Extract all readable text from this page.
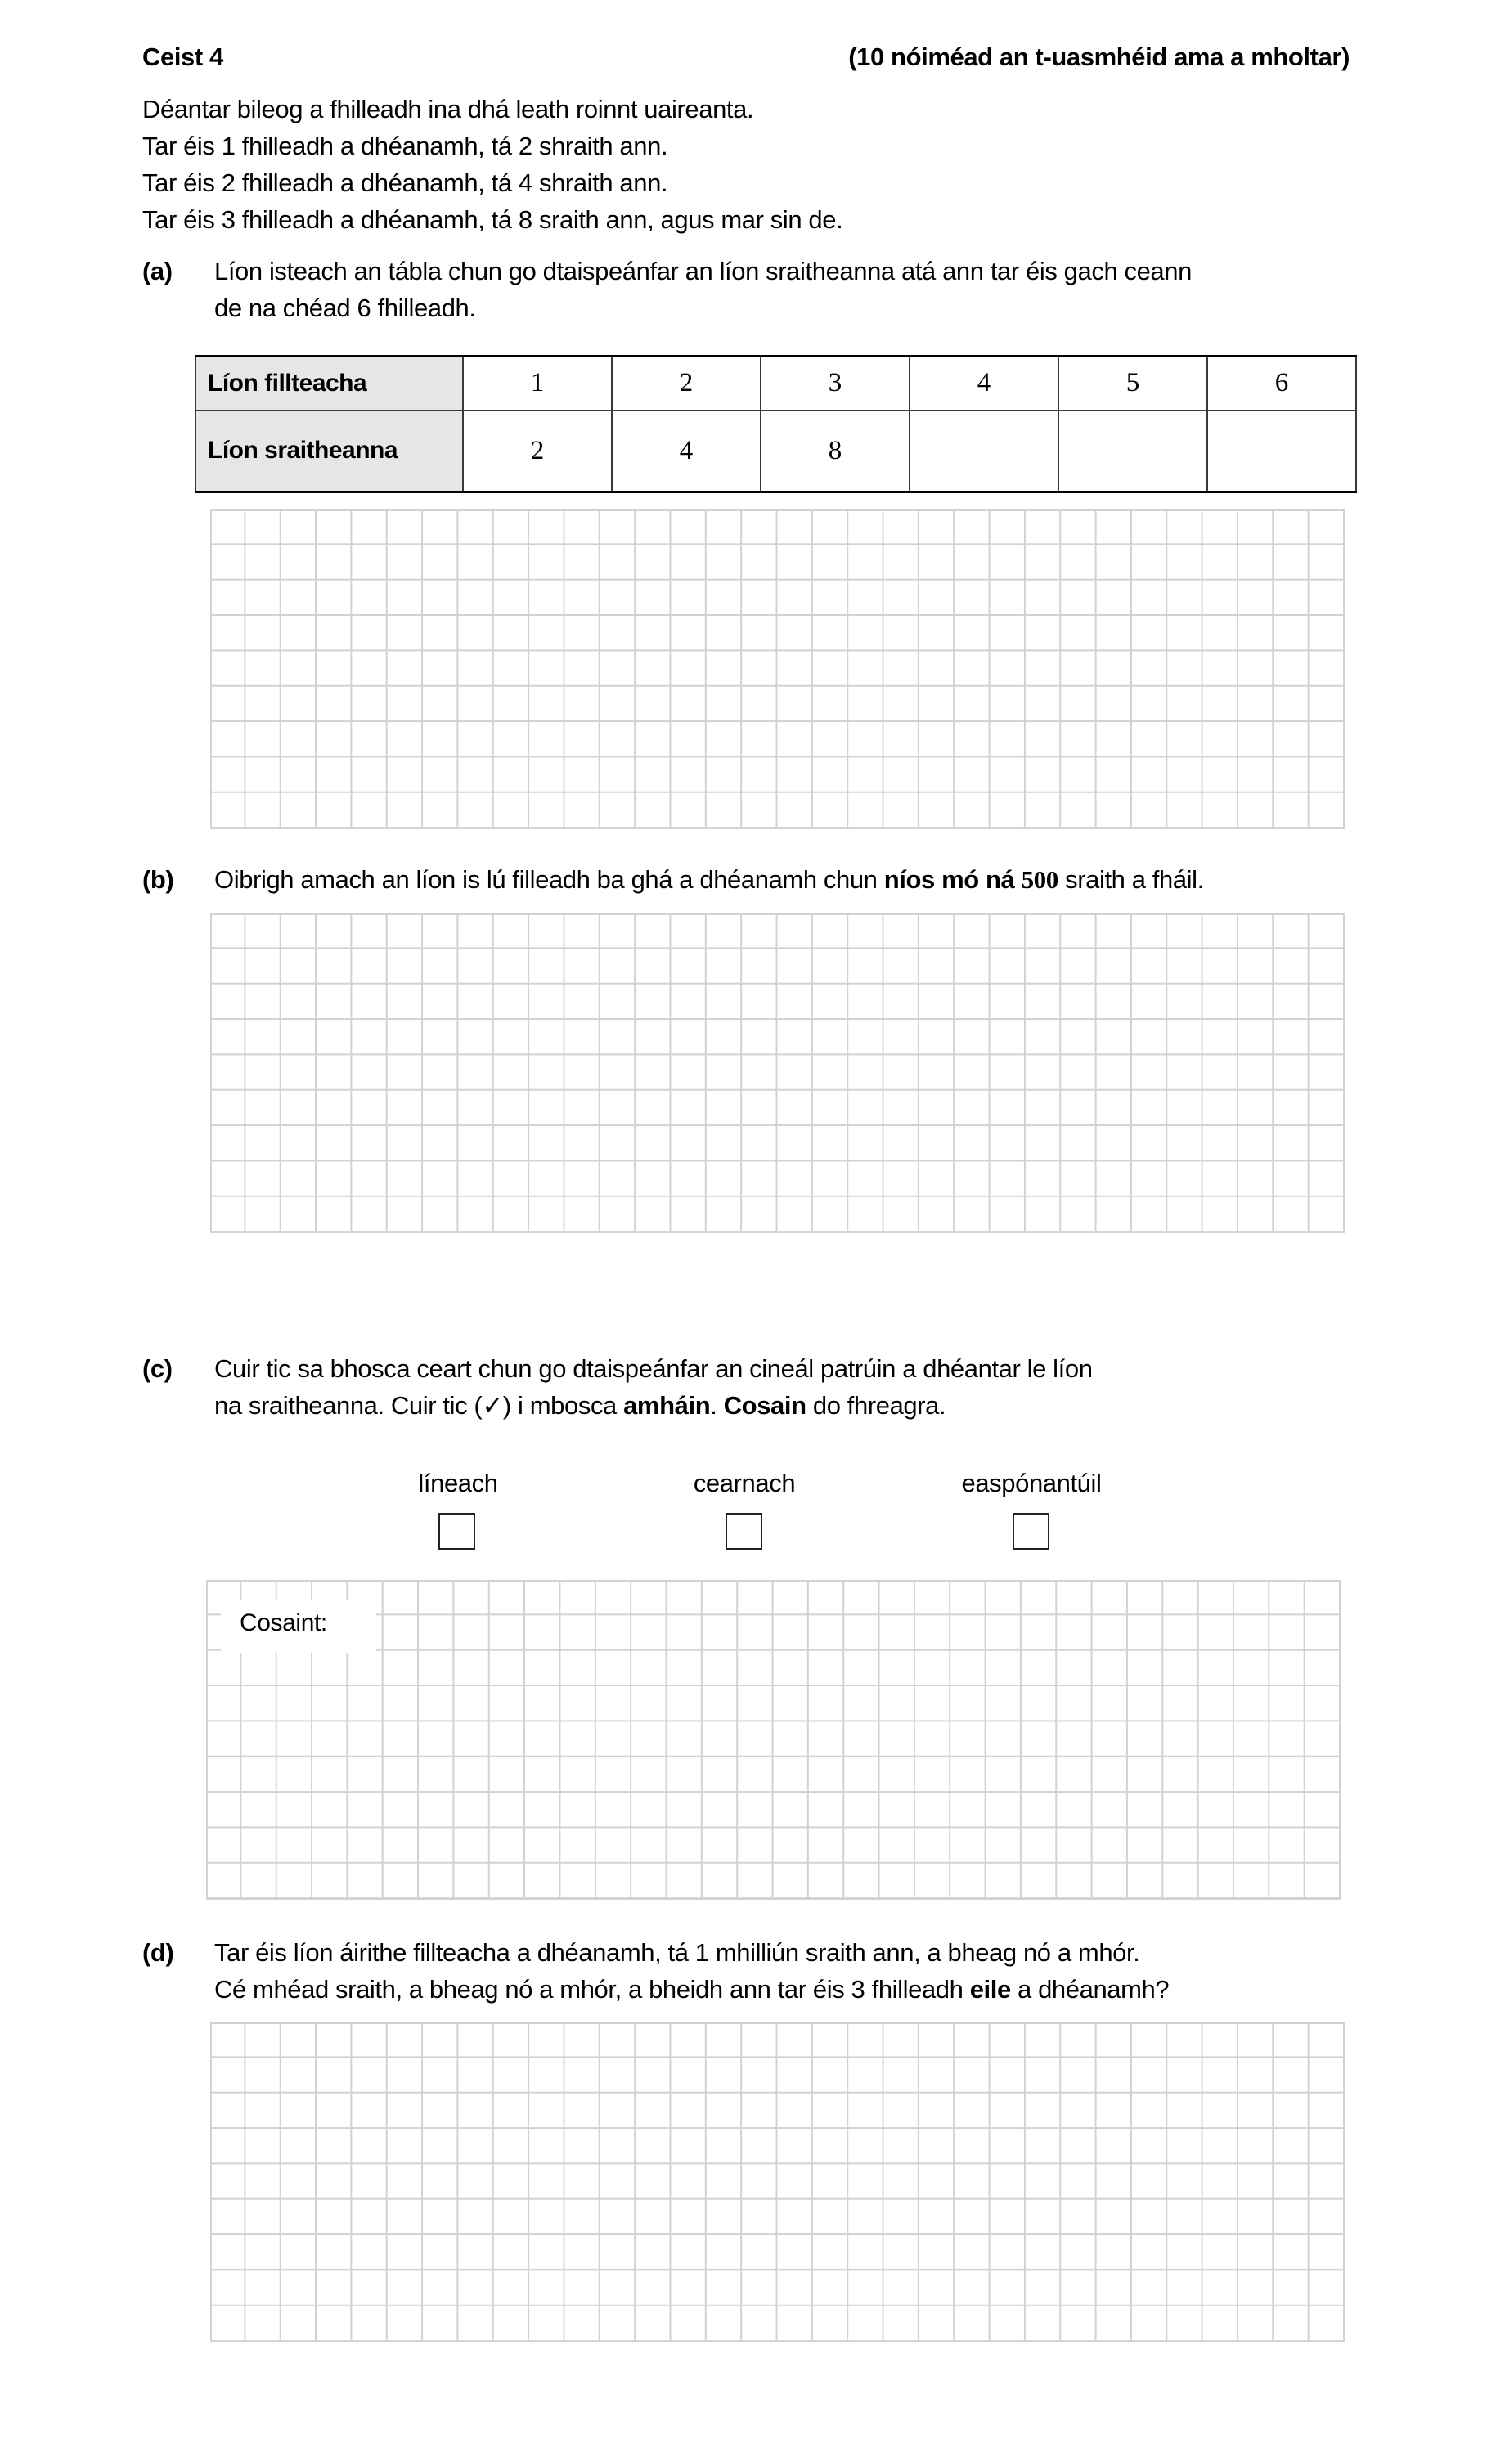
Ceist 4	(10 nóiméad an t-uasmhéid ama a mholtar)
Déantar bileog a fhilleadh ina dhá leath roinnt uaireanta.
Tar éis 1 fhilleadh a dhéanamh, tá 2 shraith ann.
Tar éis 2 fhilleadh a dhéanamh, tá 4 shraith ann.
Tar éis 3 fhilleadh a dhéanamh, tá 8 sraith ann, agus mar sin de.
(a) Líon isteach an tábla chun go dtaispeánfar an líon sraitheanna atá ann tar éis gach ceann
de na chéad 6 fhilleadh.
Líon fillteacha	1	2	3	4	5	6
Líon sraitheanna	2	4	8			
(b) Oibrigh amach an líon is lú filleadh ba ghá a dhéanamh chun níos mó ná 500 sraith a fháil.
(c) Cuir tic sa bhosca ceart chun go dtaispeánfar an cineál patrúin a dhéantar le líon
na sraitheanna. Cuir tic (✓) i mbosca amháin. Cosain do fhreagra.
líneach	cearnach	easpónantúil
Cosaint:
(d) Tar éis líon áirithe fillteacha a dhéanamh, tá 1 mhilliún sraith ann, a bheag nó a mhór.
Cé mhéad sraith, a bheag nó a mhór, a bheidh ann tar éis 3 fhilleadh eile a dhéanamh?
